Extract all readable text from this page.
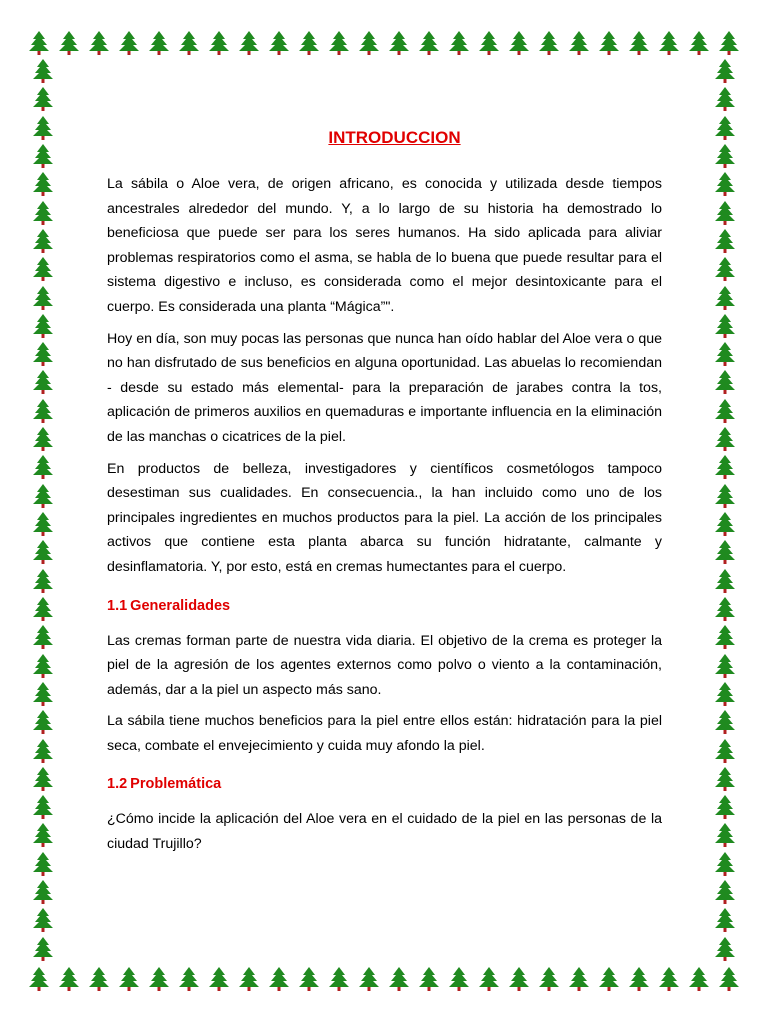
INTRODUCCION

La sábila o Aloe vera, de origen africano, es conocida y utilizada desde tiempos ancestrales alrededor del mundo. Y, a lo largo de su historia ha demostrado lo beneficiosa que puede ser para los seres humanos. Ha sido aplicada para aliviar problemas respiratorios como el asma, se habla de lo buena que puede resultar para el sistema digestivo e incluso, es considerada como el mejor desintoxicante para el cuerpo. Es considerada una planta “Mágica”".

Hoy en día, son muy pocas las personas que nunca han oído hablar del Aloe vera o que no han disfrutado de sus beneficios en alguna oportunidad. Las abuelas lo recomiendan - desde su estado más elemental- para la preparación de jarabes contra la tos, aplicación de primeros auxilios en quemaduras e importante influencia en la eliminación de las manchas o cicatrices de la piel.

En productos de belleza, investigadores y científicos cosmetólogos tampoco desestiman sus cualidades. En consecuencia., la han incluido como uno de los principales ingredientes en muchos productos para la piel. La acción de los principales activos que contiene esta planta abarca su función hidratante, calmante y desinflamatoria. Y, por esto, está en cremas humectantes para el cuerpo.

1.1 Generalidades

Las cremas forman parte de nuestra vida diaria. El objetivo de la crema es proteger la piel de la agresión de los agentes externos como polvo o viento a la contaminación, además, dar a la piel un aspecto más sano.

La sábila tiene muchos beneficios para la piel entre ellos están: hidratación para la piel seca, combate el envejecimiento y cuida muy afondo la piel.

1.2 Problemática

¿Cómo incide la aplicación del Aloe vera en el cuidado de la piel en las personas de la ciudad Trujillo?
